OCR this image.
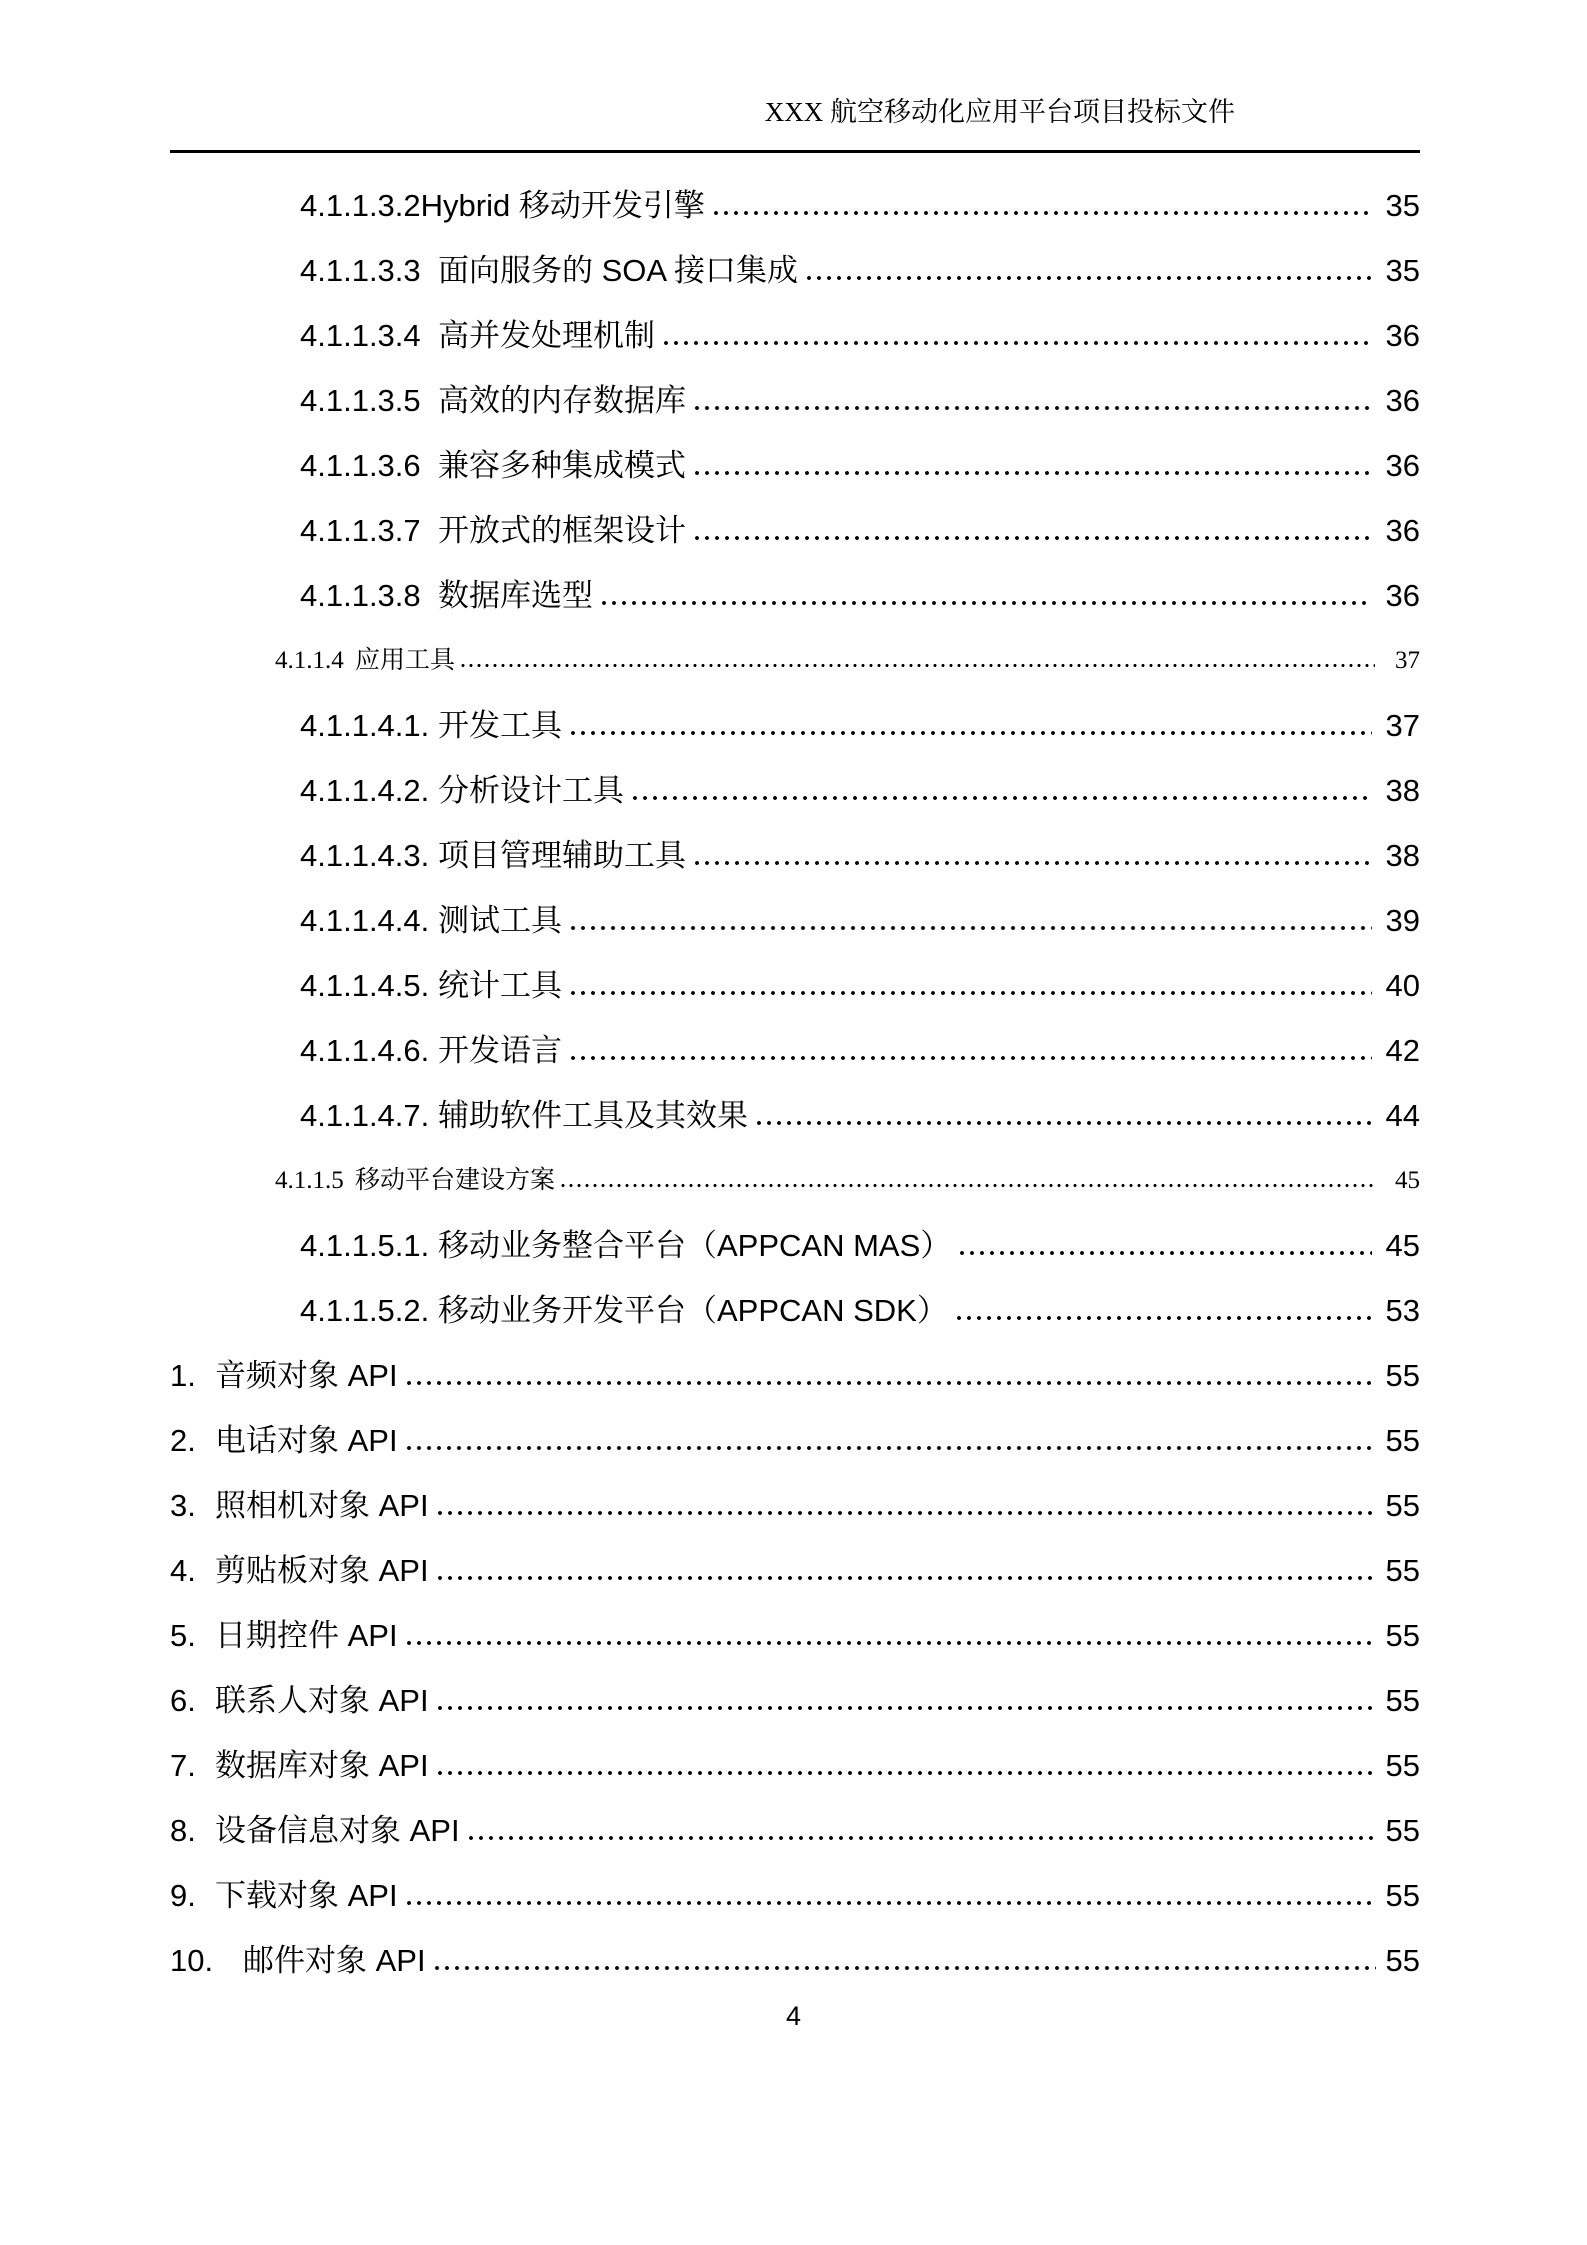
XXX 航空移动化应用平台项目投标文件
4.1.1.3.2 Hybrid 移动开发引擎	35
4.1.1.3.3 面向服务的 SOA 接口集成	35
4.1.1.3.4 高并发处理机制	36
4.1.1.3.5 高效的内存数据库	36
4.1.1.3.6 兼容多种集成模式	36
4.1.1.3.7 开放式的框架设计	36
4.1.1.3.8 数据库选型	36
4.1.1.4 应用工具	37
4.1.1.4.1. 开发工具	37
4.1.1.4.2. 分析设计工具	38
4.1.1.4.3. 项目管理辅助工具	38
4.1.1.4.4. 测试工具	39
4.1.1.4.5. 统计工具	40
4.1.1.4.6. 开发语言	42
4.1.1.4.7. 辅助软件工具及其效果	44
4.1.1.5 移动平台建设方案	45
4.1.1.5.1. 移动业务整合平台（APPCAN MAS）	45
4.1.1.5.2. 移动业务开发平台（APPCAN SDK）	53
1. 音频对象 API	55
2. 电话对象 API	55
3. 照相机对象 API	55
4. 剪贴板对象 API	55
5. 日期控件 API	55
6. 联系人对象 API	55
7. 数据库对象 API	55
8. 设备信息对象 API	55
9. 下载对象 API	55
10. 邮件对象 API	55
4
